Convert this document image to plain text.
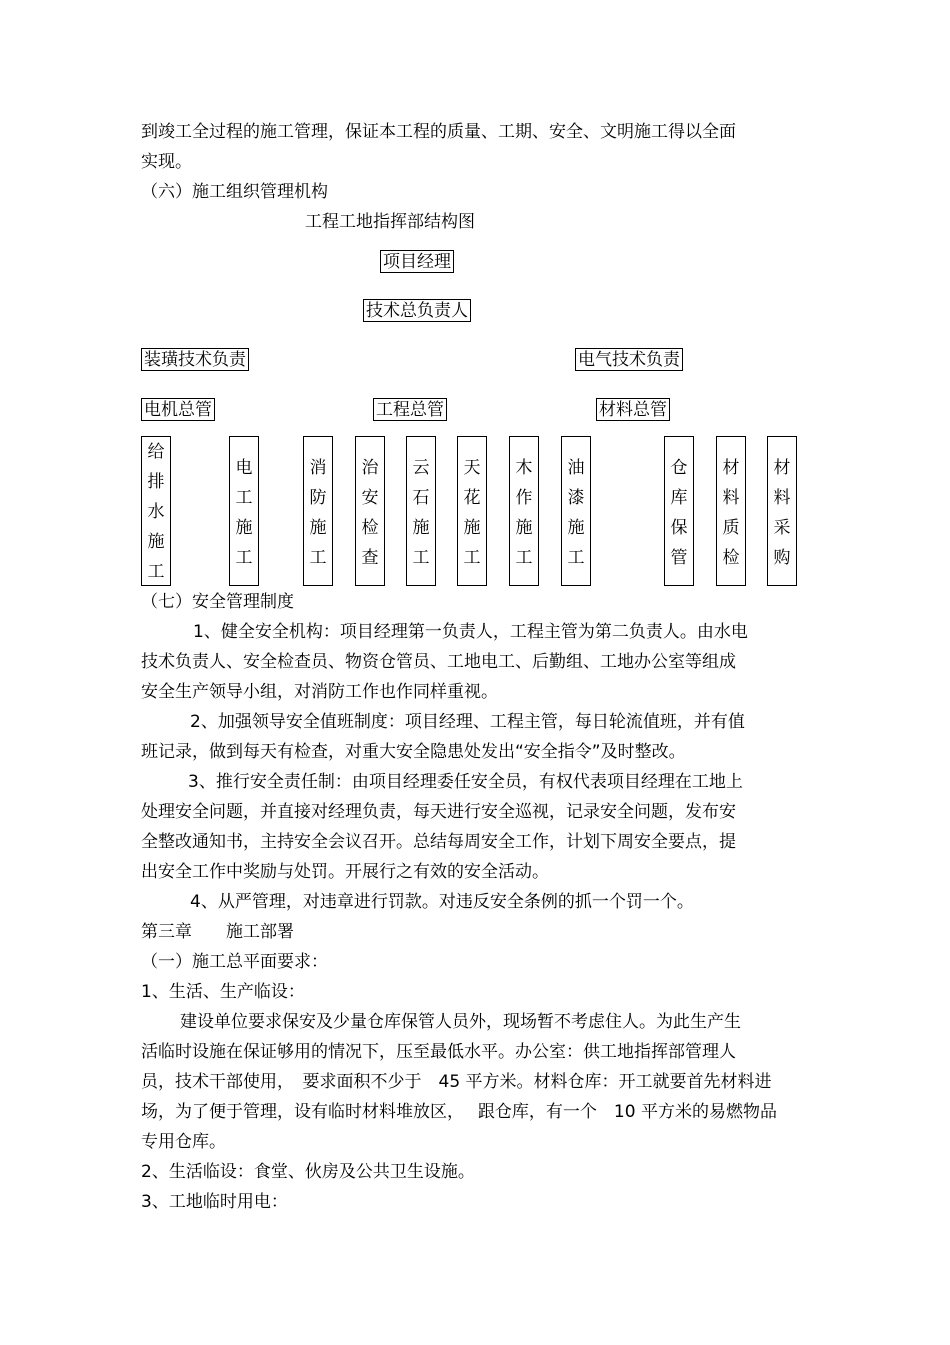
到竣工全过程的施工管理，保证本工程的质量、工期、安全、文明施工得以全面
实现。
（六）施工组织管理机构
工程工地指挥部结构图
项目经理
技术总负责人
装璜技术负责	电气技术负责
电机总管	工程总管	材料总管
给排水施工
电工施工
消防施工
治安检查
云石施工
天花施工
木作施工
油漆施工
仓库保管
材料质检
材料采购
（七）安全管理制度
1、健全安全机构：项目经理第一负责人，工程主管为第二负责人。由水电
技术负责人、安全检查员、物资仓管员、工地电工、后勤组、工地办公室等组成
安全生产领导小组，对消防工作也作同样重视。
2、加强领导安全值班制度：项目经理、工程主管，每日轮流值班，并有值
班记录，做到每天有检查，对重大安全隐患处发出“安全指令”及时整改。
3、推行安全责任制：由项目经理委任安全员，有权代表项目经理在工地上
处理安全问题，并直接对经理负责，每天进行安全巡视，记录安全问题，发布安
全整改通知书，主持安全会议召开。总结每周安全工作，计划下周安全要点，提
出安全工作中奖励与处罚。开展行之有效的安全活动。
4、从严管理，对违章进行罚款。对违反安全条例的抓一个罚一个。
第三章　　施工部署
（一）施工总平面要求：
1、生活、生产临设：
建设单位要求保安及少量仓库保管人员外，现场暂不考虑住人。为此生产生
活临时设施在保证够用的情况下，压至最低水平。办公室：供工地指挥部管理人
员，技术干部使用，　要求面积不少于　45 平方米。材料仓库：开工就要首先材料进
场，为了便于管理，设有临时材料堆放区，　 跟仓库，有一个　10 平方米的易燃物品
专用仓库。
2、生活临设：食堂、伙房及公共卫生设施。
3、工地临时用电：
